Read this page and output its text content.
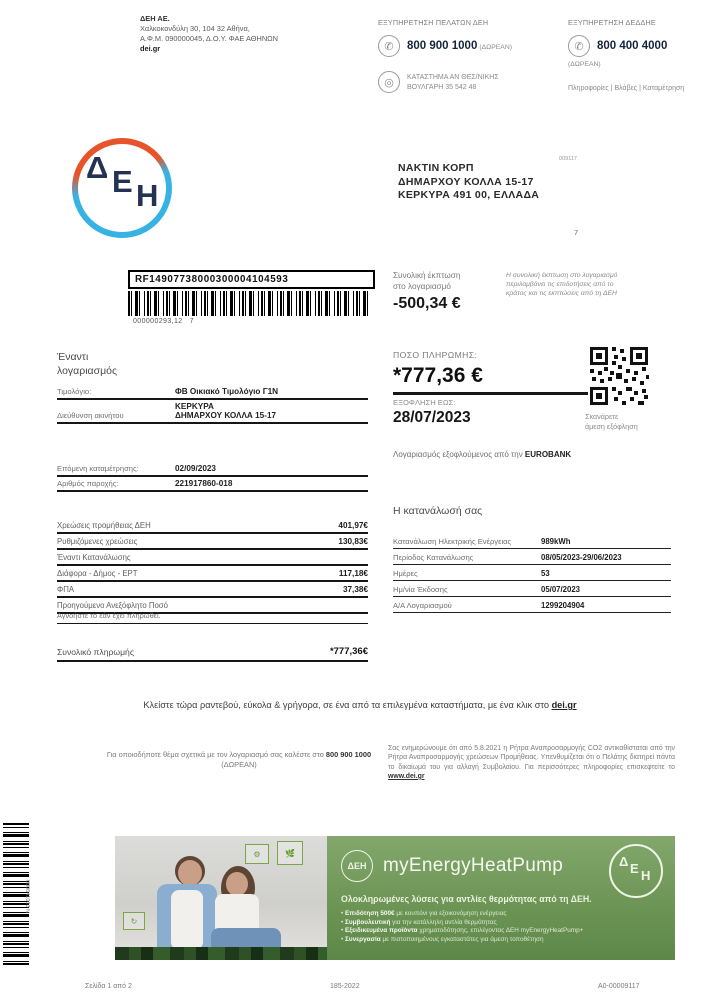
ΔΕΗ ΑΕ.
Χαλκοκονδύλη 30, 104 32 Αθήνα,
Α.Φ.Μ. 090000045, Δ.Ο.Υ. ΦΑΕ ΑΘΗΝΩΝ
dei.gr
ΕΞΥΠΗΡΕΤΗΣΗ ΠΕΛΑΤΩΝ ΔΕΗ
✆	800 900 1000 (ΔΩΡΕΑΝ)
◎	ΚΑΤΑΣΤΗΜΑ ΑΝ ΘΕΣ/ΝΙΚΗΣ
ΒΟΥΛΓΑΡΗ 35 542 48
ΕΞΥΠΗΡΕΤΗΣΗ ΔΕΔΔΗΕ
✆	800 400 4000
(ΔΩΡΕΑΝ)
Πληροφορίες | Βλάβες | Καταμέτρηση
Δ Ε Η
009117
ΝΑΚΤΙΝ ΚΟΡΠ
ΔΗΜΑΡΧΟΥ ΚΟΛΛΑ 15-17
ΚΕΡΚΥΡΑ 491 00, ΕΛΛΑΔΑ
7
RF14907738000300004104593
000000293,12 7
Συνολική έκπτωση
στο λογαριασμό
-500,34 €
Η συνολική έκπτωση στο λογαριασμό περιλαμβάνει τις επιδοτήσεις από το κράτος και τις εκπτώσεις από τη ΔΕΗ
Έναντι
λογαριασμός
Τιμολόγιο:	ΦΒ Οικιακό Τιμολόγιο Γ1Ν
Διεύθυνση ακινήτου
ΚΕΡΚΥΡΑ
ΔΗΜΑΡΧΟΥ ΚΟΛΛΑ 15-17
Επόμενη καταμέτρησης:	02/09/2023
Αριθμός παροχής:	221917860-018
Χρεώσεις προμήθειας ΔΕΗ	401,97€
Ρυθμιζόμενες χρεώσεις	130,83€
Έναντι Κατανάλωσης
Διάφορα - Δήμος - ΕΡΤ	117,18€
ΦΠΑ	37,38€
Προηγούμενο Ανεξόφλητο Ποσό
Αγνοήστε το εάν έχει πληρωθεί.
Συνολικό πληρωμής	*777,36€
ΠΟΣΟ ΠΛΗΡΩΜΗΣ:
*777,36 €
ΕΞΟΦΛΗΣΗ ΕΩΣ:
28/07/2023	Σκανάρετε
άμεση εξόφληση
Λογαριασμός εξοφλούμενος από την EUROBANK
Η κατανάλωσή σας
Κατανάλωση Ηλεκτρικής Ενέργειας	989kWh
Περίοδος Κατανάλωσης	08/05/2023-29/06/2023
Ημέρες	53
Ημ/νία Έκδοσης	05/07/2023
Α/Α Λογαριασμού	1299204904
Κλείστε τώρα ραντεβού, εύκολα & γρήγορα, σε ένα από τα επιλεγμένα καταστήματα, με ένα κλικ στο dei.gr
Για οποιοδήποτε θέμα σχετικά με τον λογαριασμό σας καλέστε στο 800 900 1000 (ΔΩΡΕΑΝ)
Σας ενημερώνουμε ότι από 5.8.2021 η Ρήτρα Αναπροσαρμογής CO2 αντικαθίσταται από την Ρήτρα Αναπροσαρμογής χρεώσεων Προμήθειας. Υπενθυμίζεται ότι ο Πελάτης διατηρεί πάντα το δικαίωμά του για αλλαγή Συμβολαίου. Για περισσότερες πληροφορίες επισκεφτείτε το www.dei.gr
⚙	🌿
↻
ΔΕΗ myEnergyHeatPump	Δ Ε Η
Ολοκληρωμένες λύσεις για αντλίες θερμότητας από τη ΔΕΗ.
• Επιδότηση 500€ με κουπόνι για εξοικονόμηση ενέργειας
• Συμβουλευτική για την κατάλληλη αντλία θερμότητας
• Εξειδικευμένα προϊόντα χρηματοδότησης, επιλέγοντας ΔΕΗ myEnergyHeatPump+
• Συνεργασία με πιστοποιημένους εγκαταστάτες για άμεση τοποθέτηση
000641003 N
Σελίδα 1 από 2	185-2022	Α0-00009117
